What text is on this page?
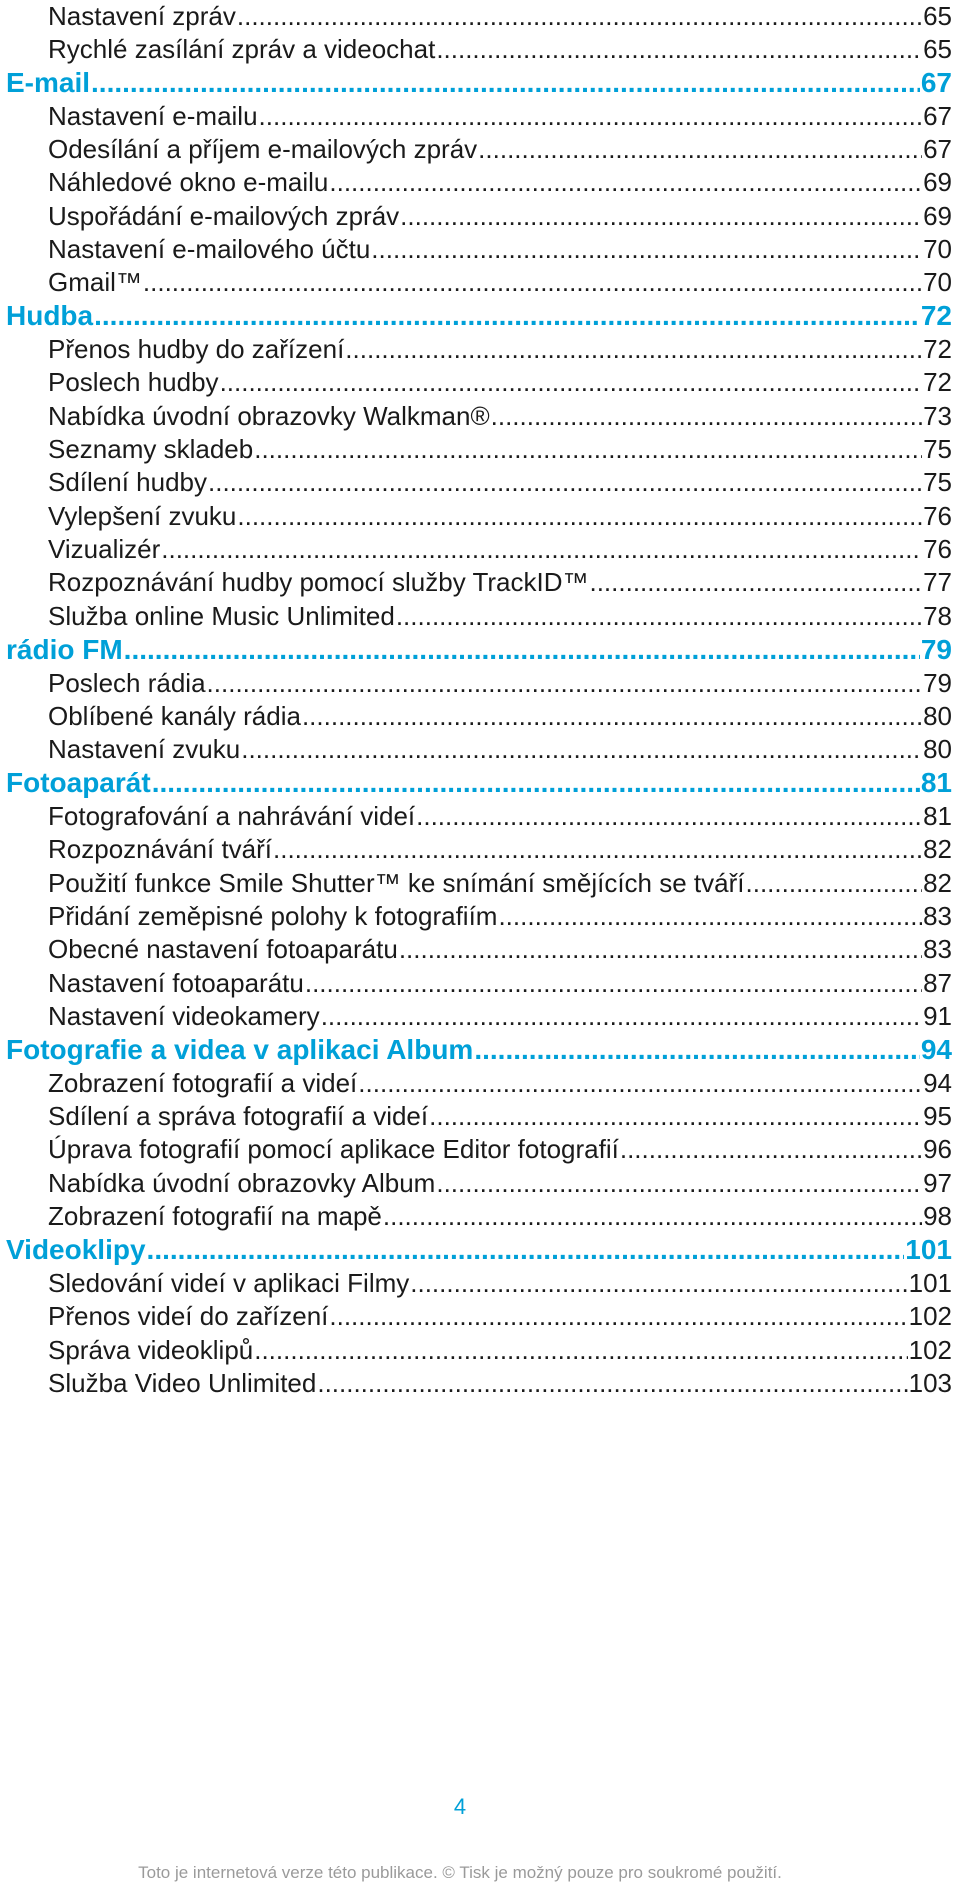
Nastavení zpráv .....	65
Rychlé zasílání zpráv a videochat .....	65
E-mail .....	67
Nastavení e-mailu .....	67
Odesílání a příjem e-mailových zpráv .....	67
Náhledové okno e-mailu .....	69
Uspořádání e-mailových zpráv .....	69
Nastavení e-mailového účtu .....	70
Gmail™ .....	70
Hudba .....	72
Přenos hudby do zařízení .....	72
Poslech hudby .....	72
Nabídka úvodní obrazovky Walkman® .....	73
Seznamy skladeb .....	75
Sdílení hudby .....	75
Vylepšení zvuku .....	76
Vizualizér .....	76
Rozpoznávání hudby pomocí služby TrackID™ .....	77
Služba online Music Unlimited .....	78
rádio FM .....	79
Poslech rádia .....	79
Oblíbené kanály rádia .....	80
Nastavení zvuku .....	80
Fotoaparát .....	81
Fotografování a nahrávání videí .....	81
Rozpoznávání tváří .....	82
Použití funkce Smile Shutter™ ke snímání smějících se tváří .....	82
Přidání zeměpisné polohy k fotografiím .....	83
Obecné nastavení fotoaparátu .....	83
Nastavení fotoaparátu .....	87
Nastavení videokamery .....	91
Fotografie a videa v aplikaci Album .....	94
Zobrazení fotografií a videí .....	94
Sdílení a správa fotografií a videí .....	95
Úprava fotografií pomocí aplikace Editor fotografií .....	96
Nabídka úvodní obrazovky Album .....	97
Zobrazení fotografií na mapě .....	98
Videoklipy .....	101
Sledování videí v aplikaci Filmy .....	101
Přenos videí do zařízení .....	102
Správa videoklipů .....	102
Služba Video Unlimited .....	103
4
Toto je internetová verze této publikace. © Tisk je možný pouze pro soukromé použití.
